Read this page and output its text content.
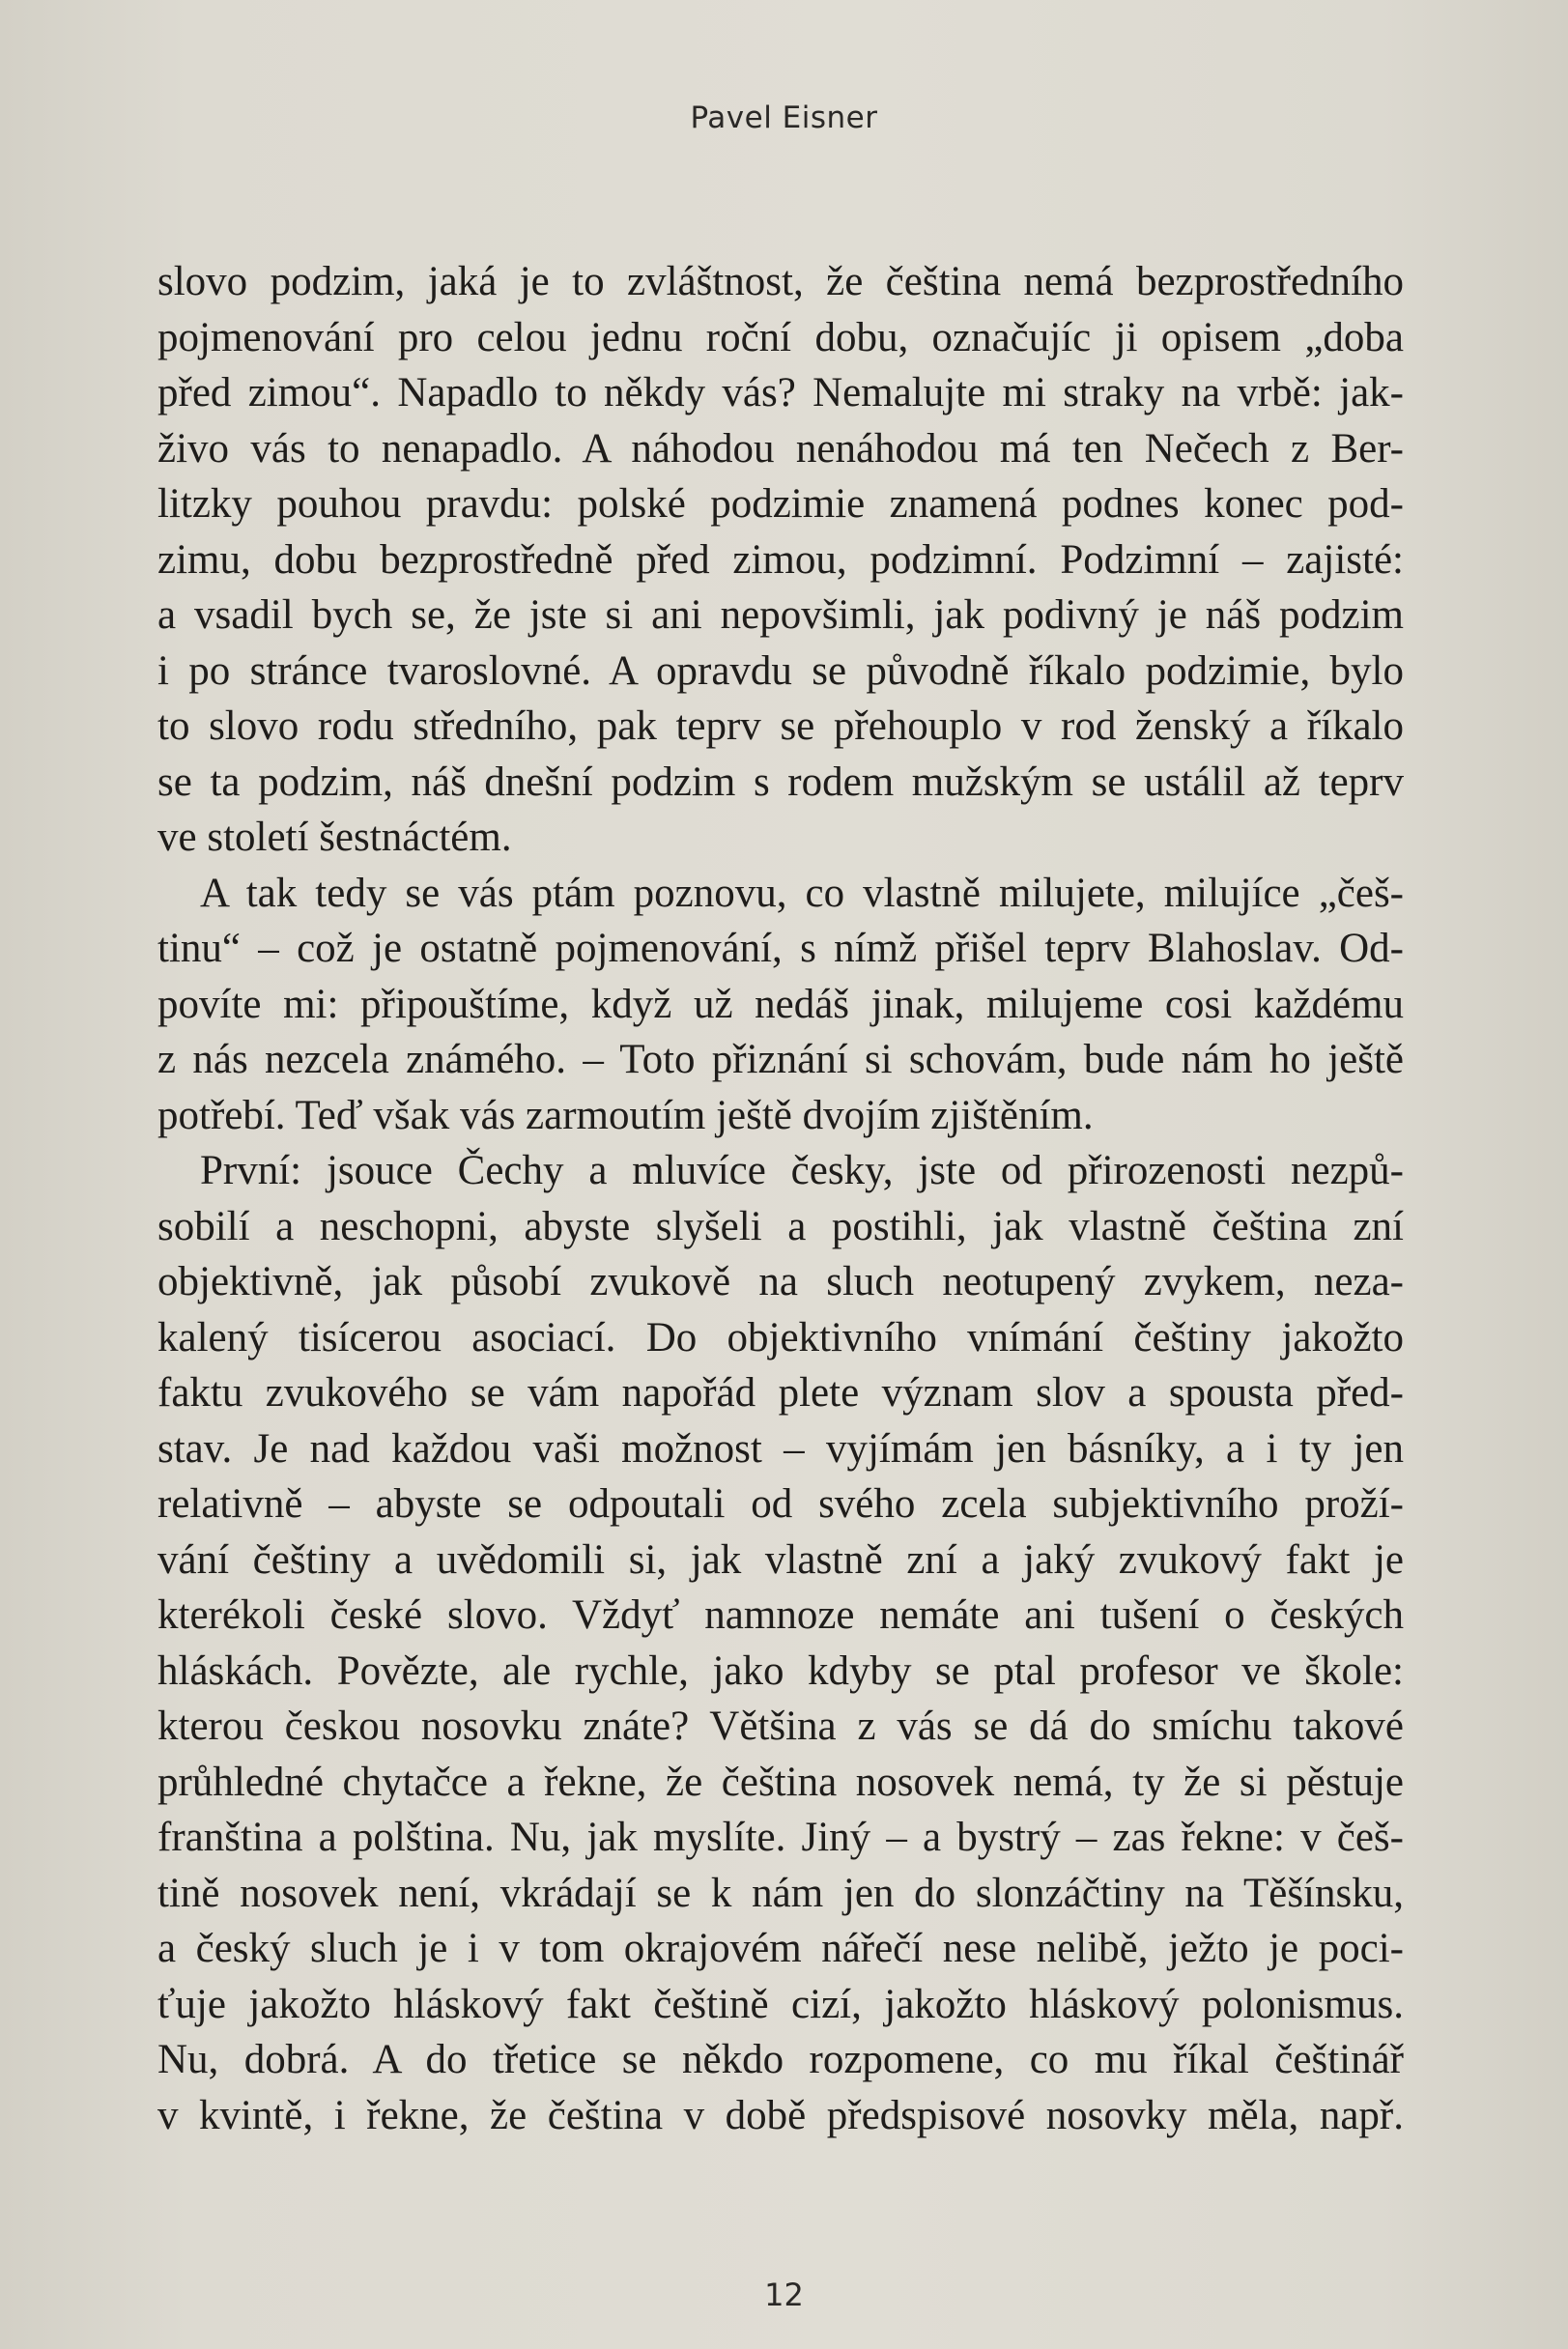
Pavel Eisner
slovo podzim, jaká je to zvláštnost, že čeština nemá bezprostředního
pojmenování pro celou jednu roční dobu, označujíc ji opisem „doba
před zimou“. Napadlo to někdy vás? Nemalujte mi straky na vrbě: jak-
živo vás to nenapadlo. A náhodou nenáhodou má ten Nečech z Ber-
litzky pouhou pravdu: polské podzimie znamená podnes konec pod-
zimu, dobu bezprostředně před zimou, podzimní. Podzimní – zajisté:
a vsadil bych se, že jste si ani nepovšimli, jak podivný je náš podzim
i po stránce tvaroslovné. A opravdu se původně říkalo podzimie, bylo
to slovo rodu středního, pak teprv se přehouplo v rod ženský a říkalo
se ta podzim, náš dnešní podzim s rodem mužským se ustálil až teprv
ve století šestnáctém.
A tak tedy se vás ptám poznovu, co vlastně milujete, milujíce „češ-
tinu“ – což je ostatně pojmenování, s nímž přišel teprv Blahoslav. Od-
povíte mi: připouštíme, když už nedáš jinak, milujeme cosi každému
z nás nezcela známého. – Toto přiznání si schovám, bude nám ho ještě
potřebí. Teď však vás zarmoutím ještě dvojím zjištěním.
První: jsouce Čechy a mluvíce česky, jste od přirozenosti nezpů-
sobilí a neschopni, abyste slyšeli a postihli, jak vlastně čeština zní
objektivně, jak působí zvukově na sluch neotupený zvykem, neza-
kalený tisícerou asociací. Do objektivního vnímání češtiny jakožto
faktu zvukového se vám napořád plete význam slov a spousta před-
stav. Je nad každou vaši možnost – vyjímám jen básníky, a i ty jen
relativně – abyste se odpoutali od svého zcela subjektivního proží-
vání češtiny a uvědomili si, jak vlastně zní a jaký zvukový fakt je
kterékoli české slovo. Vždyť namnoze nemáte ani tušení o českých
hláskách. Povězte, ale rychle, jako kdyby se ptal profesor ve škole:
kterou českou nosovku znáte? Většina z vás se dá do smíchu takové
průhledné chytačce a řekne, že čeština nosovek nemá, ty že si pěstuje
franština a polština. Nu, jak myslíte. Jiný – a bystrý – zas řekne: v češ-
tině nosovek není, vkrádají se k nám jen do slonzáčtiny na Těšínsku,
a český sluch je i v tom okrajovém nářečí nese nelibě, ježto je poci-
ťuje jakožto hláskový fakt češtině cizí, jakožto hláskový polonismus.
Nu, dobrá. A do třetice se někdo rozpomene, co mu říkal češtinář
v kvintě, i řekne, že čeština v době předspisové nosovky měla, např.
12
